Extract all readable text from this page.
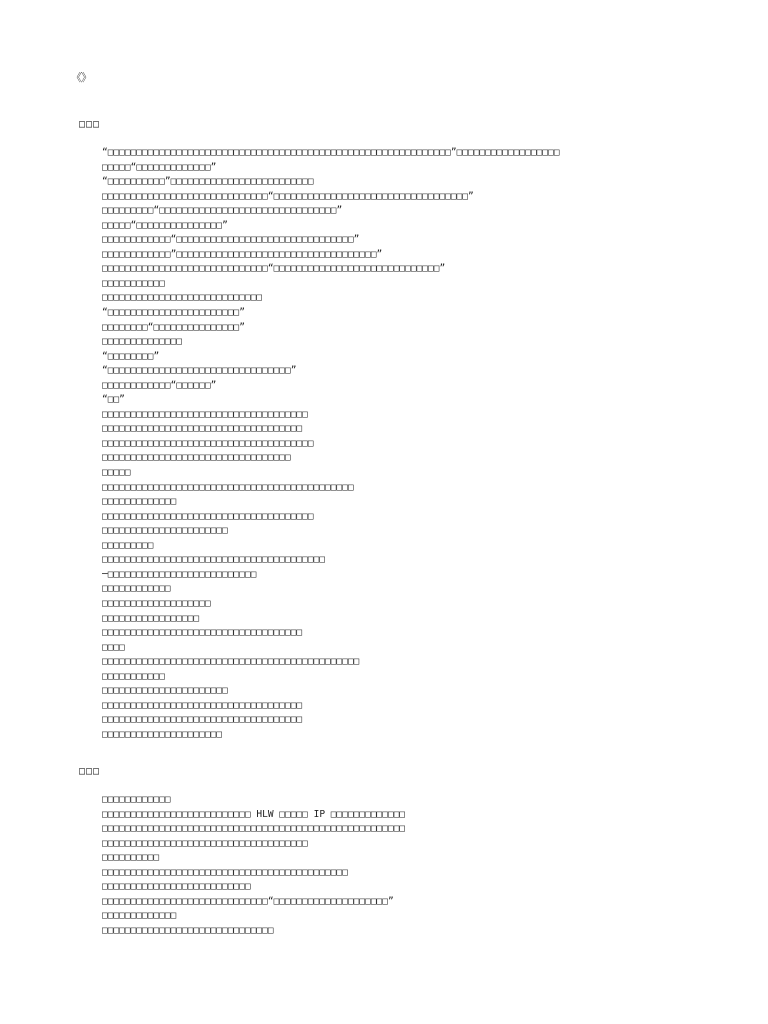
《》
□□□
“□□□□□□□□□□□□□□□□□□□□□□□□□□□□□□□□□□□□□□□□□□□□□□□□□□□□□□□□□□□□”□□□□□□□□□□□□□□□□□□
□□□□□“□□□□□□□□□□□□□”
“□□□□□□□□□□”□□□□□□□□□□□□□□□□□□□□□□□□□
□□□□□□□□□□□□□□□□□□□□□□□□□□□□□“□□□□□□□□□□□□□□□□□□□□□□□□□□□□□□□□□□”
□□□□□□□□□“□□□□□□□□□□□□□□□□□□□□□□□□□□□□□□□”
□□□□□“□□□□□□□□□□□□□□□”
□□□□□□□□□□□□“□□□□□□□□□□□□□□□□□□□□□□□□□□□□□□□”
□□□□□□□□□□□□”□□□□□□□□□□□□□□□□□□□□□□□□□□□□□□□□□□□”
□□□□□□□□□□□□□□□□□□□□□□□□□□□□□“□□□□□□□□□□□□□□□□□□□□□□□□□□□□□”
□□□□□□□□□□□
□□□□□□□□□□□□□□□□□□□□□□□□□□□□
“□□□□□□□□□□□□□□□□□□□□□□□”
□□□□□□□□“□□□□□□□□□□□□□□□”
□□□□□□□□□□□□□□
“□□□□□□□□”
“□□□□□□□□□□□□□□□□□□□□□□□□□□□□□□□□”
□□□□□□□□□□□□“□□□□□□”
“□□”
□□□□□□□□□□□□□□□□□□□□□□□□□□□□□□□□□□□□
□□□□□□□□□□□□□□□□□□□□□□□□□□□□□□□□□□□
□□□□□□□□□□□□□□□□□□□□□□□□□□□□□□□□□□□□□
□□□□□□□□□□□□□□□□□□□□□□□□□□□□□□□□□
□□□□□
□□□□□□□□□□□□□□□□□□□□□□□□□□□□□□□□□□□□□□□□□□□□
□□□□□□□□□□□□□
□□□□□□□□□□□□□□□□□□□□□□□□□□□□□□□□□□□□□
□□□□□□□□□□□□□□□□□□□□□□
□□□□□□□□□
□□□□□□□□□□□□□□□□□□□□□□□□□□□□□□□□□□□□□□□
─□□□□□□□□□□□□□□□□□□□□□□□□□□
□□□□□□□□□□□□
□□□□□□□□□□□□□□□□□□□
□□□□□□□□□□□□□□□□□
□□□□□□□□□□□□□□□□□□□□□□□□□□□□□□□□□□□
□□□□
□□□□□□□□□□□□□□□□□□□□□□□□□□□□□□□□□□□□□□□□□□□□□
□□□□□□□□□□□
□□□□□□□□□□□□□□□□□□□□□□
□□□□□□□□□□□□□□□□□□□□□□□□□□□□□□□□□□□
□□□□□□□□□□□□□□□□□□□□□□□□□□□□□□□□□□□
□□□□□□□□□□□□□□□□□□□□□
□□□
□□□□□□□□□□□□
□□□□□□□□□□□□□□□□□□□□□□□□□□ HLW □□□□□ IP □□□□□□□□□□□□□
□□□□□□□□□□□□□□□□□□□□□□□□□□□□□□□□□□□□□□□□□□□□□□□□□□□□□
□□□□□□□□□□□□□□□□□□□□□□□□□□□□□□□□□□□□
□□□□□□□□□□
□□□□□□□□□□□□□□□□□□□□□□□□□□□□□□□□□□□□□□□□□□□
□□□□□□□□□□□□□□□□□□□□□□□□□□
□□□□□□□□□□□□□□□□□□□□□□□□□□□□□“□□□□□□□□□□□□□□□□□□□□”
□□□□□□□□□□□□□
□□□□□□□□□□□□□□□□□□□□□□□□□□□□□□
